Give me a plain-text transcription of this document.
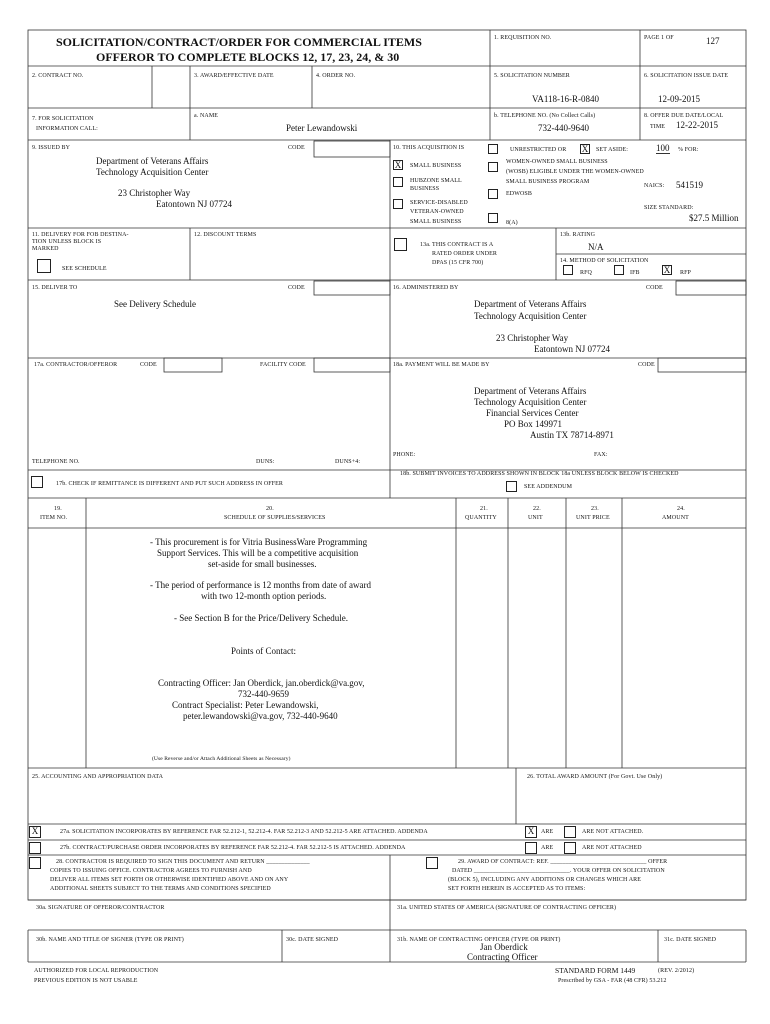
SOLICITATION/CONTRACT/ORDER FOR COMMERCIAL ITEMS
OFFEROR TO COMPLETE BLOCKS 12, 17, 23, 24, & 30
1. REQUISITION NO.	PAGE 1 OF	127
2. CONTRACT NO.	3. AWARD/EFFECTIVE DATE	4. ORDER NO.	5. SOLICITATION NUMBER
VA118-16-R-0840
6. SOLICITATION ISSUE DATE
12-09-2015
7. FOR SOLICITATION
INFORMATION CALL:
a. NAME
Peter Lewandowski
b. TELEPHONE NO. (No Collect Calls)
732-440-9640
8. OFFER DUE DATE/LOCAL
TIME 12-22-2015
9. ISSUED BY	CODE
Department of Veterans Affairs
Technology Acquisition Center
23 Christopher Way
Eatontown NJ 07724
10. THIS ACQUISITION IS	UNRESTRICTED OR X SET ASIDE:	100 % FOR:
X SMALL BUSINESS
HUBZONE SMALL
BUSINESS
SERVICE-DISABLED
VETERAN-OWNED
SMALL BUSINESS
WOMEN-OWNED SMALL BUSINESS
(WOSB) ELIGIBLE UNDER THE WOMEN-OWNED
SMALL BUSINESS PROGRAM
EDWOSB
8(A)
NAICS: 541519
SIZE STANDARD:
$27.5 Million
11. DELIVERY FOR FOB DESTINA-
TION UNLESS BLOCK IS
MARKED
SEE SCHEDULE
12. DISCOUNT TERMS
13a. THIS CONTRACT IS A
RATED ORDER UNDER
DPAS (15 CFR 700)
13b. RATING
N/A
14. METHOD OF SOLICITATION
RFQ	IFB	X RFP
15. DELIVER TO	CODE
See Delivery Schedule
16. ADMINISTERED BY	CODE
Department of Veterans Affairs
Technology Acquisition Center
23 Christopher Way
Eatontown NJ 07724
17a. CONTRACTOR/OFFEROR	CODE	FACILITY CODE
TELEPHONE NO.	DUNS:	DUNS+4:
17b. CHECK IF REMITTANCE IS DIFFERENT AND PUT SUCH ADDRESS IN OFFER
18a. PAYMENT WILL BE MADE BY	CODE
Department of Veterans Affairs
Technology Acquisition Center
Financial Services Center
PO Box 149971
Austin TX 78714-8971
PHONE:	FAX:
18b. SUBMIT INVOICES TO ADDRESS SHOWN IN BLOCK 18a UNLESS BLOCK BELOW IS CHECKED
SEE ADDENDUM
19.
ITEM NO.
20.
SCHEDULE OF SUPPLIES/SERVICES
21.
QUANTITY
22.
UNIT
23.
UNIT PRICE
24.
AMOUNT
- This procurement is for Vitria BusinessWare Programming
Support Services. This will be a competitive acquisition
set-aside for small businesses.
- The period of performance is 12 months from date of award
with two 12-month option periods.
- See Section B for the Price/Delivery Schedule.
Points of Contact:
Contracting Officer: Jan Oberdick, jan.oberdick@va.gov,
732-440-9659
Contract Specialist: Peter Lewandowski,
peter.lewandowski@va.gov, 732-440-9640
(Use Reverse and/or Attach Additional Sheets as Necessary)
25. ACCOUNTING AND APPROPRIATION DATA	26. TOTAL AWARD AMOUNT (For Govt. Use Only)
X	27a. SOLICITATION INCORPORATES BY REFERENCE FAR 52.212-1, 52.212-4. FAR 52.212-3 AND 52.212-5 ARE ATTACHED. ADDENDA	X	ARE	ARE NOT ATTACHED.
27b. CONTRACT/PURCHASE ORDER INCORPORATES BY REFERENCE FAR 52.212-4. FAR 52.212-5 IS ATTACHED. ADDENDA	ARE	ARE NOT ATTACHED
28. CONTRACTOR IS REQUIRED TO SIGN THIS DOCUMENT AND RETURN ______________
COPIES TO ISSUING OFFICE. CONTRACTOR AGREES TO FURNISH AND
DELIVER ALL ITEMS SET FORTH OR OTHERWISE IDENTIFIED ABOVE AND ON ANY
ADDITIONAL SHEETS SUBJECT TO THE TERMS AND CONDITIONS SPECIFIED
29. AWARD OF CONTRACT: REF. _______________________________ OFFER
DATED _______________________________. YOUR OFFER ON SOLICITATION
(BLOCK 5), INCLUDING ANY ADDITIONS OR CHANGES WHICH ARE
SET FORTH HEREIN IS ACCEPTED AS TO ITEMS:
30a. SIGNATURE OF OFFEROR/CONTRACTOR	31a. UNITED STATES OF AMERICA (SIGNATURE OF CONTRACTING OFFICER)
30b. NAME AND TITLE OF SIGNER (TYPE OR PRINT)	30c. DATE SIGNED	31b. NAME OF CONTRACTING OFFICER (TYPE OR PRINT)
Jan Oberdick
Contracting Officer
31c. DATE SIGNED
AUTHORIZED FOR LOCAL REPRODUCTION
PREVIOUS EDITION IS NOT USABLE
STANDARD FORM 1449	(REV. 2/2012)
Prescribed by GSA - FAR (48 CFR) 53.212
